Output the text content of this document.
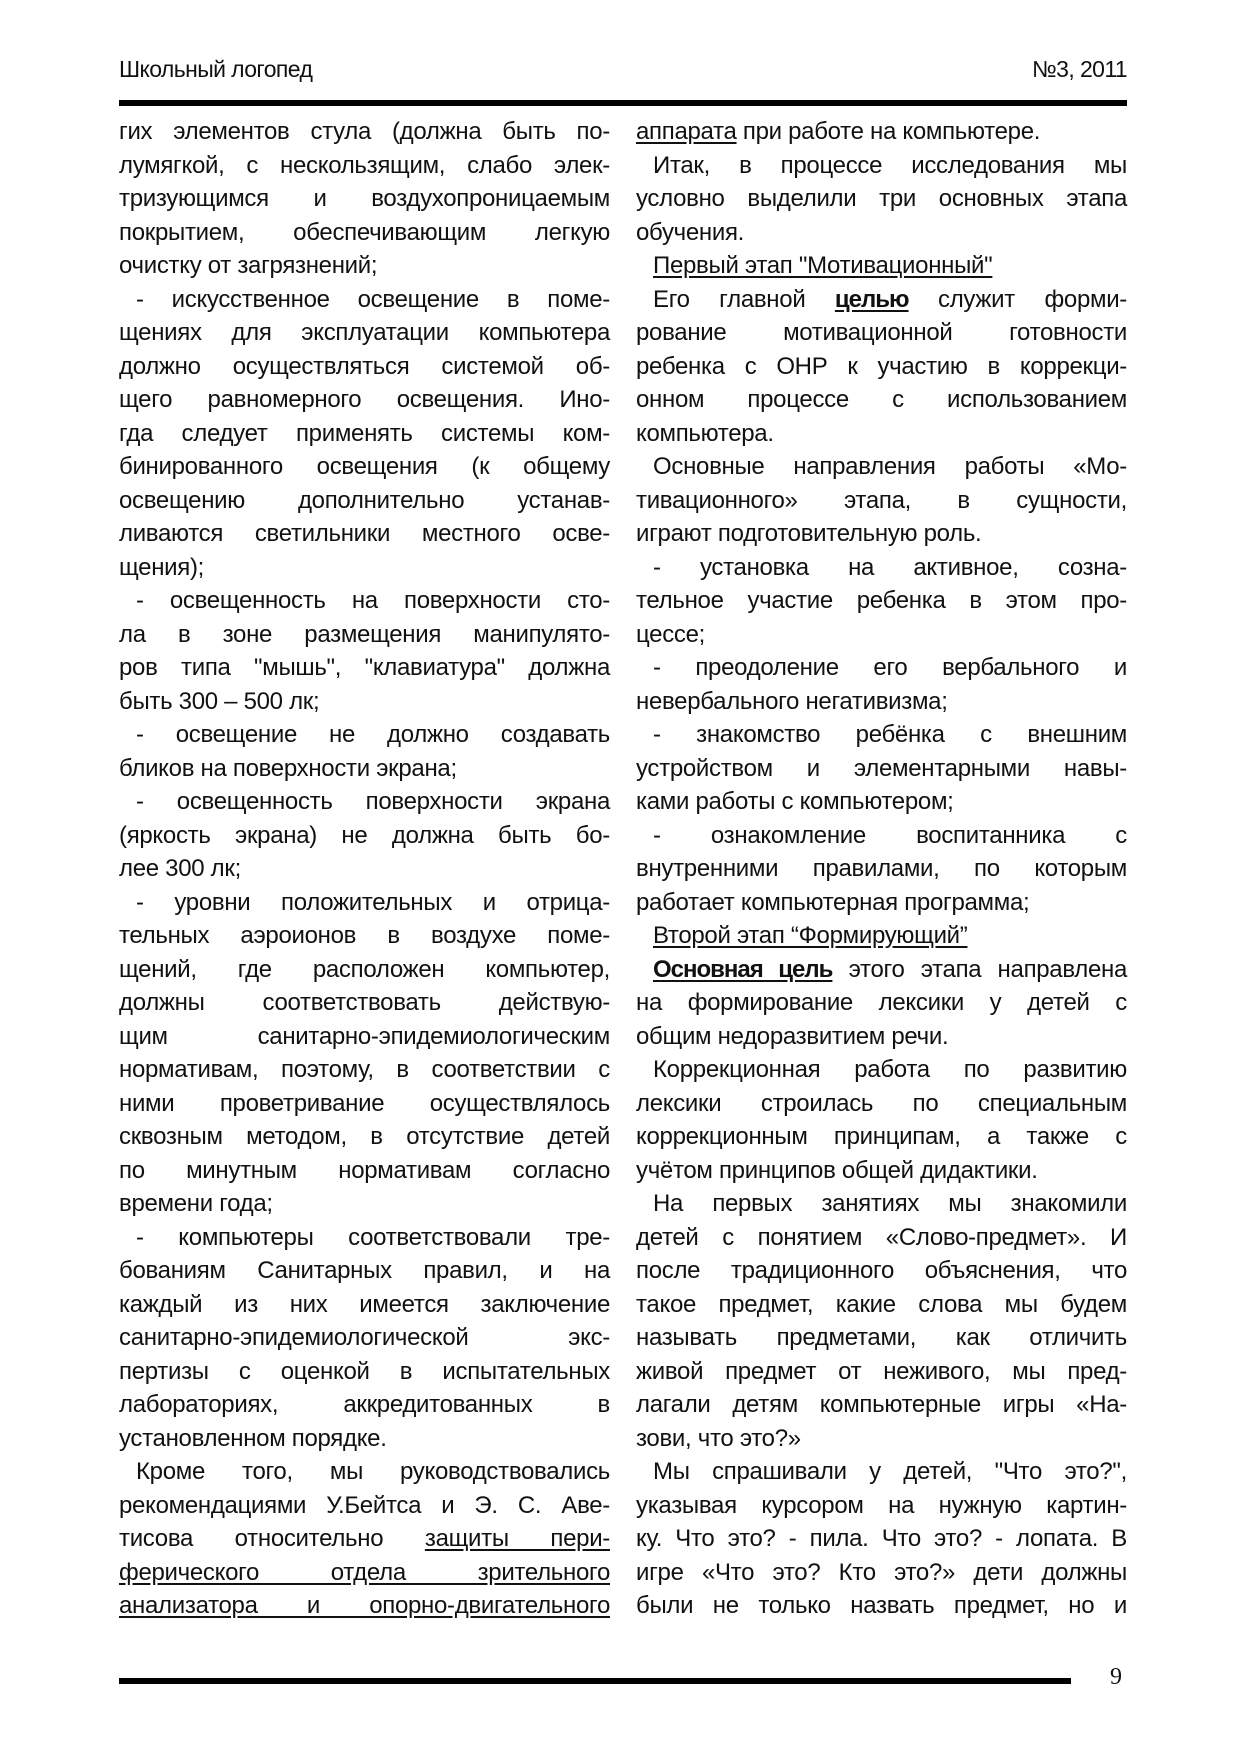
Школьный логопед	№3, 2011
гих элементов стула (должна быть по-
лумягкой, с нескользящим, слабо элек-
тризующимся и воздухопроницаемым
покрытием, обеспечивающим легкую
очистку от загрязнений;
- искусственное освещение в поме-
щениях для эксплуатации компьютера
должно осуществляться системой об-
щего равномерного освещения. Ино-
гда следует применять системы ком-
бинированного освещения (к общему
освещению дополнительно устанав-
ливаются светильники местного осве-
щения);
- освещенность на поверхности сто-
ла в зоне размещения манипулято-
ров типа "мышь", "клавиатура" должна
быть 300 – 500 лк;
- освещение не должно создавать
бликов на поверхности экрана;
- освещенность поверхности экрана
(яркость экрана) не должна быть бо-
лее 300 лк;
- уровни положительных и отрица-
тельных аэроионов в воздухе поме-
щений, где расположен компьютер,
должны соответствовать действую-
щим санитарно-эпидемиологическим
нормативам, поэтому, в соответствии с
ними проветривание осуществлялось
сквозным методом, в отсутствие детей
по минутным нормативам согласно
времени года;
- компьютеры соответствовали тре-
бованиям Санитарных правил, и на
каждый из них имеется заключение
санитарно-эпидемиологической экс-
пертизы с оценкой в испытательных
лабораториях, аккредитованных в
установленном порядке.
Кроме того, мы руководствовались
рекомендациями У.Бейтса и Э. С. Аве-
тисова относительно защиты пери-
ферического отдела зрительного
анализатора и опорно-двигательного
аппарата при работе на компьютере.
Итак, в процессе исследования мы
условно выделили три основных этапа
обучения.
Первый этап "Мотивационный"
Его главной целью служит форми-
рование мотивационной готовности
ребенка с ОНР к участию в коррекци-
онном процессе с использованием
компьютера.
Основные направления работы «Мо-
тивационного» этапа, в сущности,
играют подготовительную роль.
- установка на активное, созна-
тельное участие ребенка в этом про-
цессе;
- преодоление его вербального и
невербального негативизма;
- знакомство ребёнка с внешним
устройством и элементарными навы-
ками работы с компьютером;
- ознакомление воспитанника с
внутренними правилами, по которым
работает компьютерная программа;
Второй этап “Формирующий”
Основная цель этого этапа направлена
на формирование лексики у детей с
общим недоразвитием речи.
Коррекционная работа по развитию
лексики строилась по специальным
коррекционным принципам, а также с
учётом принципов общей дидактики.
На первых занятиях мы знакомили
детей с понятием «Слово-предмет». И
после традиционного объяснения, что
такое предмет, какие слова мы будем
называть предметами, как отличить
живой предмет от неживого, мы пред-
лагали детям компьютерные игры «На-
зови, что это?»
Мы спрашивали у детей, "Что это?",
указывая курсором на нужную картин-
ку. Что это? - пила. Что это? - лопата. В
игре «Что это? Кто это?» дети должны
были не только назвать предмет, но и
9
